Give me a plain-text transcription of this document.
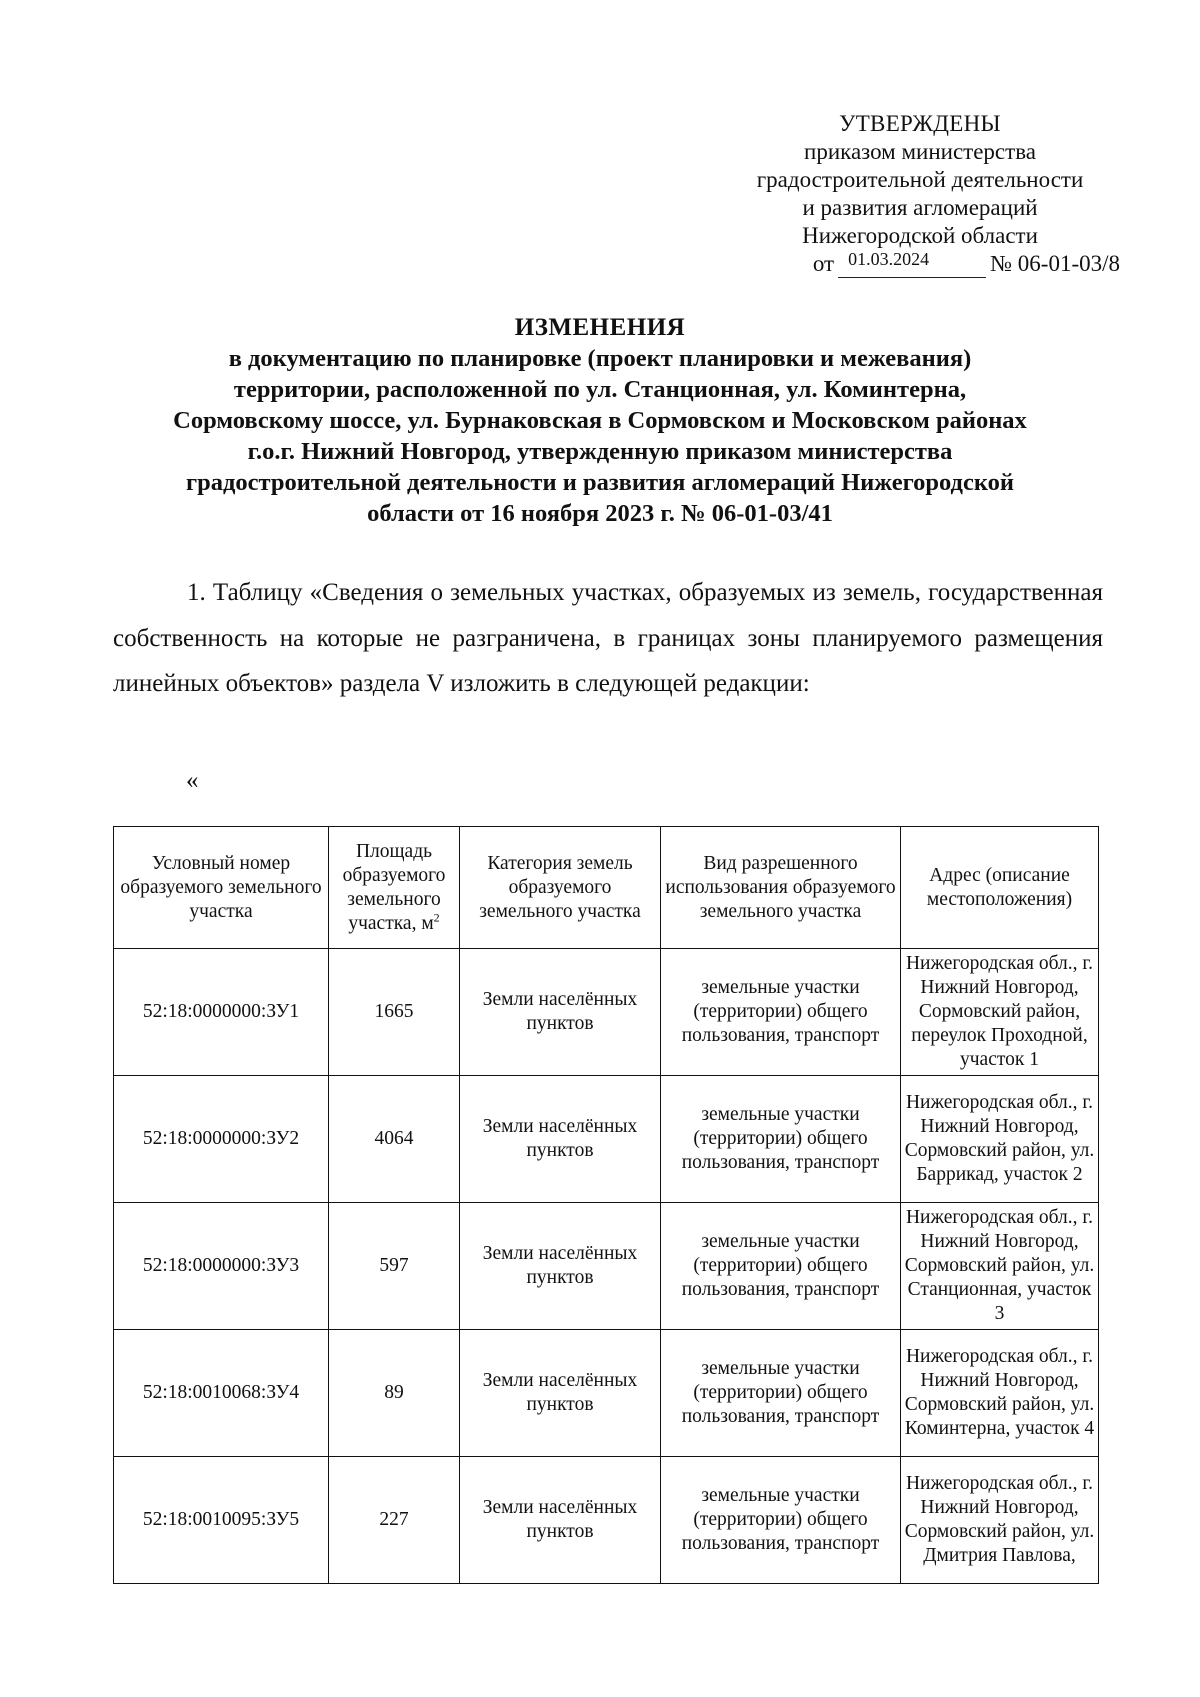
УТВЕРЖДЕНЫ
приказом министерства
градостроительной деятельности
и развития агломераций
Нижегородской области
от 01.03.2024	№ 06-01-03/8
ИЗМЕНЕНИЯ
в документацию по планировке (проект планировки и межевания)
территории, расположенной по ул. Станционная, ул. Коминтерна,
Сормовскому шоссе, ул. Бурнаковская в Сормовском и Московском районах
г.о.г. Нижний Новгород, утвержденную приказом министерства
градостроительной деятельности и развития агломераций Нижегородской
области от 16 ноября 2023 г. № 06-01-03/41
1. Таблицу «Сведения о земельных участках, образуемых из земель, государственная собственность на которые не разграничена, в границах зоны планируемого размещения линейных объектов» раздела V изложить в следующей редакции:
«
Условный номер образуемого земельного участка	Площадь образуемого земельного участка, $м^2$	Категория земель образуемого земельного участка	Вид разрешенного использования образуемого земельного участка	Адрес (описание местоположения)
52:18:0000000:ЗУ1	1665	Земли населённых пунктов	земельные участки (территории) общего пользования, транспорт	Нижегородская обл., г. Нижний Новгород, Сормовский район, переулок Проходной, участок 1
52:18:0000000:ЗУ2	4064	Земли населённых пунктов	земельные участки (территории) общего пользования, транспорт	Нижегородская обл., г. Нижний Новгород, Сормовский район, ул. Баррикад, участок 2
52:18:0000000:ЗУ3	597	Земли населённых пунктов	земельные участки (территории) общего пользования, транспорт	Нижегородская обл., г. Нижний Новгород, Сормовский район, ул. Станционная, участок 3
52:18:0010068:ЗУ4	89	Земли населённых пунктов	земельные участки (территории) общего пользования, транспорт	Нижегородская обл., г. Нижний Новгород, Сормовский район, ул. Коминтерна, участок 4
52:18:0010095:ЗУ5	227	Земли населённых пунктов	земельные участки (территории) общего пользования, транспорт	Нижегородская обл., г. Нижний Новгород, Сормовский район, ул. Дмитрия Павлова,
